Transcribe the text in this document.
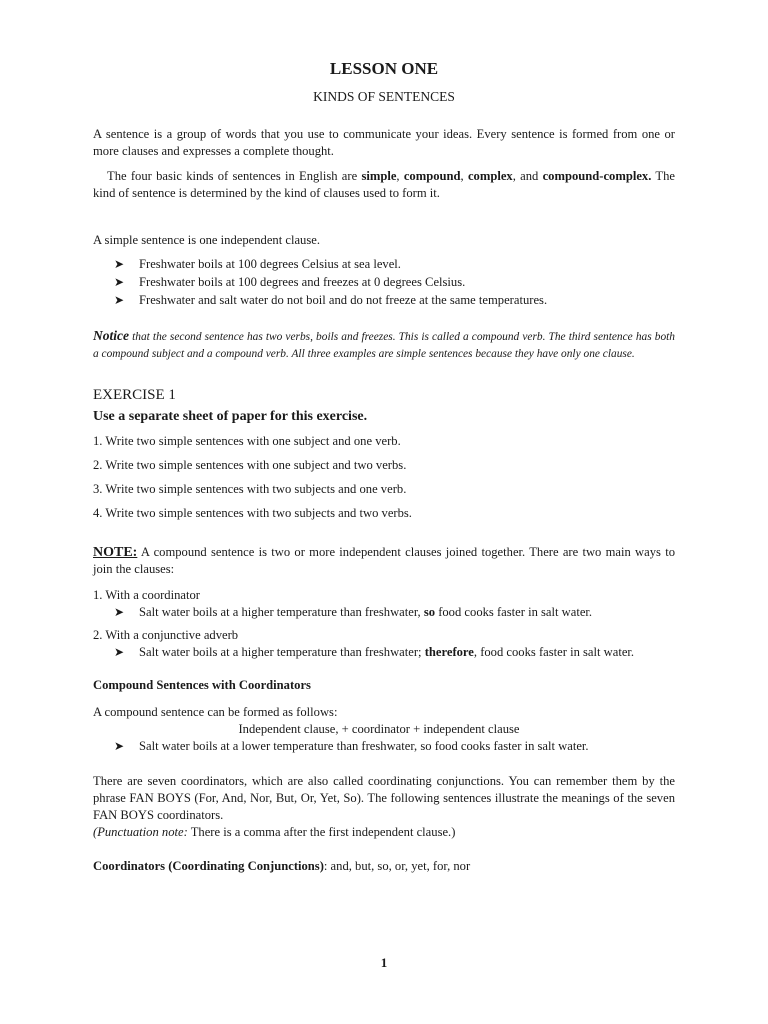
LESSON ONE
KINDS OF SENTENCES

A sentence is a group of words that you use to communicate your ideas. Every sentence is formed from one or more clauses and expresses a complete thought.

The four basic kinds of sentences in English are simple, compound, complex, and compound-complex. The kind of sentence is determined by the kind of clauses used to form it.

A simple sentence is one independent clause.

➤ Freshwater boils at 100 degrees Celsius at sea level.
➤ Freshwater boils at 100 degrees and freezes at 0 degrees Celsius.
➤ Freshwater and salt water do not boil and do not freeze at the same temperatures.

Notice that the second sentence has two verbs, boils and freezes. This is called a compound verb. The third sentence has both a compound subject and a compound verb. All three examples are simple sentences because they have only one clause.

EXERCISE 1
Use a separate sheet of paper for this exercise.
1. Write two simple sentences with one subject and one verb.
2. Write two simple sentences with one subject and two verbs.
3. Write two simple sentences with two subjects and one verb.
4. Write two simple sentences with two subjects and two verbs.

NOTE: A compound sentence is two or more independent clauses joined together. There are two main ways to join the clauses:

1. With a coordinator
➤ Salt water boils at a higher temperature than freshwater, so food cooks faster in salt water.
2. With a conjunctive adverb
➤ Salt water boils at a higher temperature than freshwater; therefore, food cooks faster in salt water.
Compound Sentences with Coordinators
A compound sentence can be formed as follows:
Independent clause, + coordinator + independent clause
➤ Salt water boils at a lower temperature than freshwater, so food cooks faster in salt water.

There are seven coordinators, which are also called coordinating conjunctions. You can remember them by the phrase FAN BOYS (For, And, Nor, But, Or, Yet, So). The following sentences illustrate the meanings of the seven FAN BOYS coordinators.

(Punctuation note: There is a comma after the first independent clause.)

Coordinators (Coordinating Conjunctions): and, but, so, or, yet, for, nor

1
